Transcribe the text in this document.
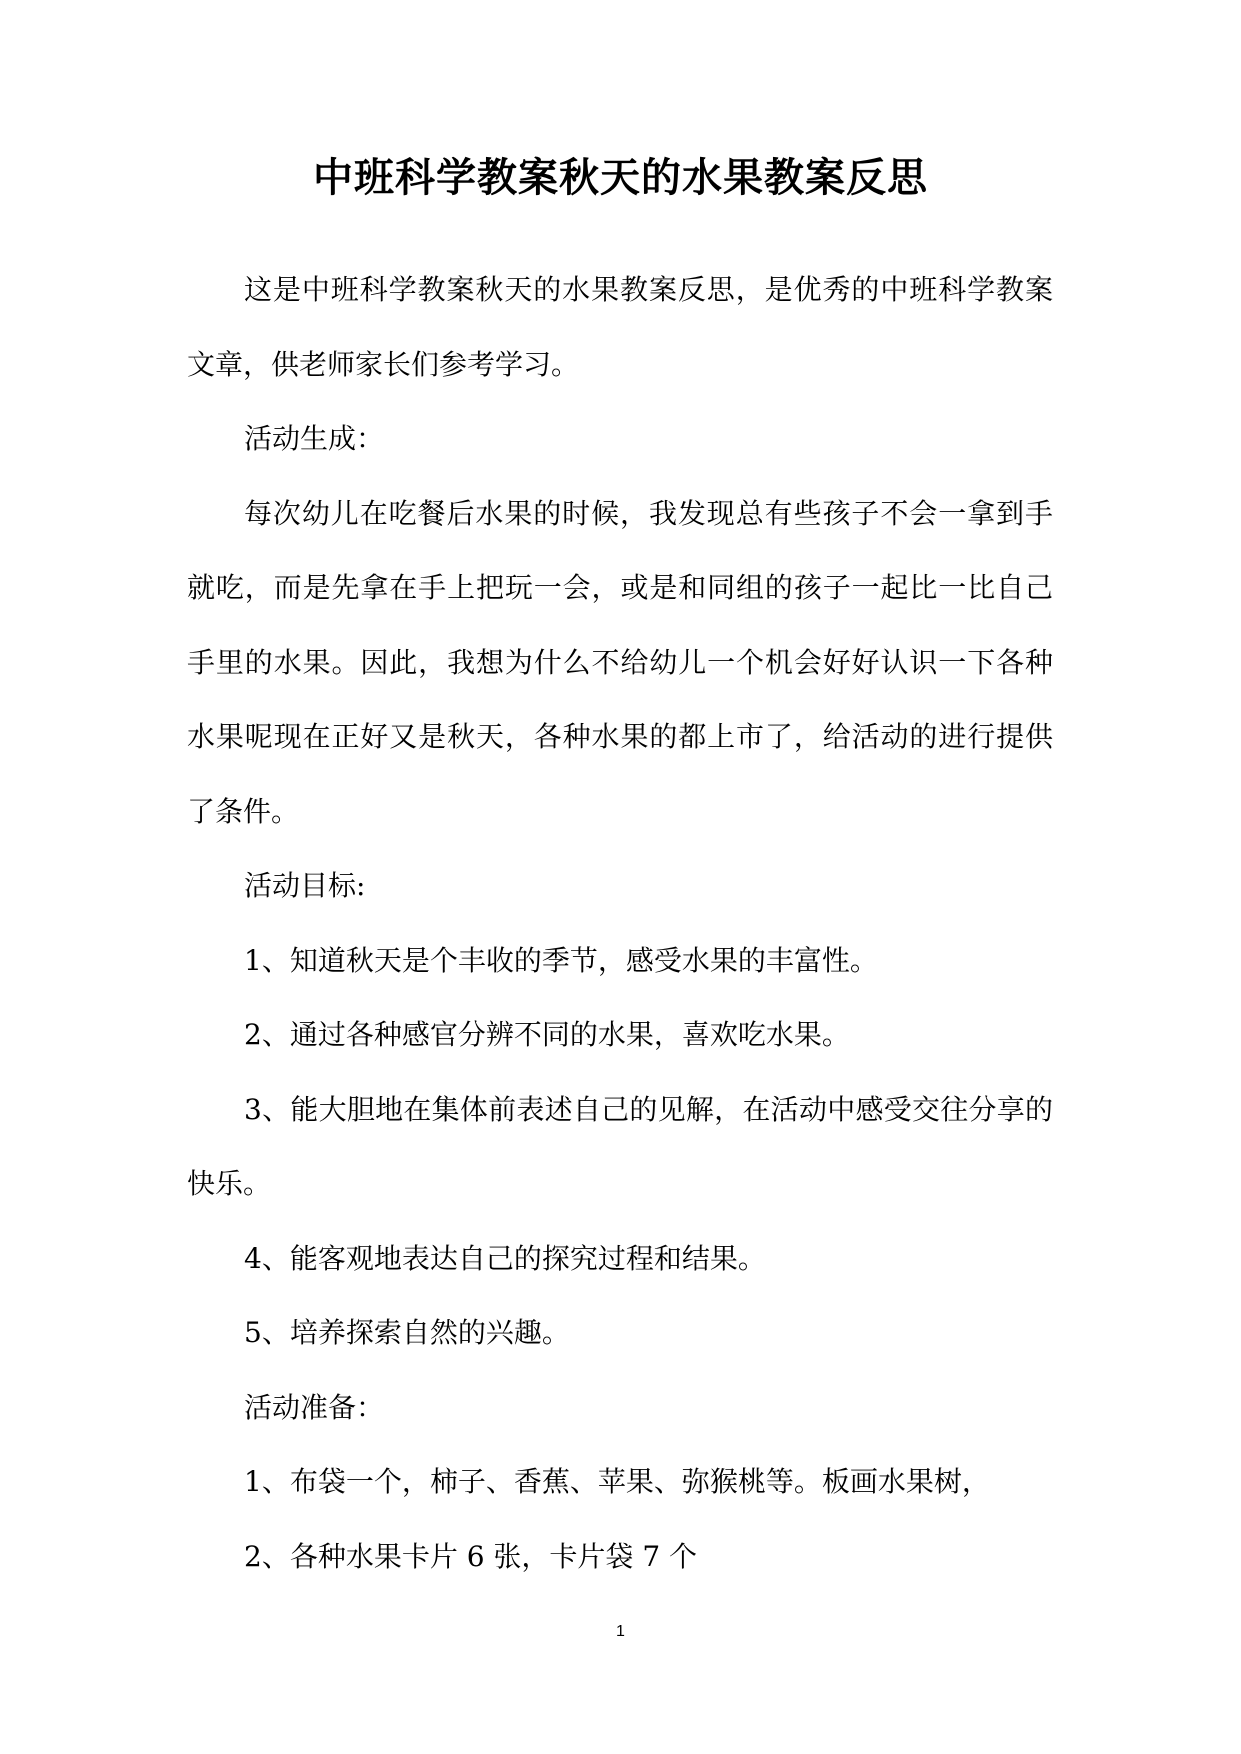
中班科学教案秋天的水果教案反思

这是中班科学教案秋天的水果教案反思，是优秀的中班科学教案文章，供老师家长们参考学习。

活动生成：

每次幼儿在吃餐后水果的时候，我发现总有些孩子不会一拿到手就吃，而是先拿在手上把玩一会，或是和同组的孩子一起比一比自己手里的水果。因此，我想为什么不给幼儿一个机会好好认识一下各种水果呢现在正好又是秋天，各种水果的都上市了，给活动的进行提供了条件。

活动目标:

1、知道秋天是个丰收的季节，感受水果的丰富性。

2、通过各种感官分辨不同的水果，喜欢吃水果。

3、能大胆地在集体前表述自己的见解，在活动中感受交往分享的快乐。

4、能客观地表达自己的探究过程和结果。

5、培养探索自然的兴趣。

活动准备：

1、布袋一个，柿子、香蕉、苹果、弥猴桃等。板画水果树，

2、各种水果卡片 6 张，卡片袋 7 个

1
